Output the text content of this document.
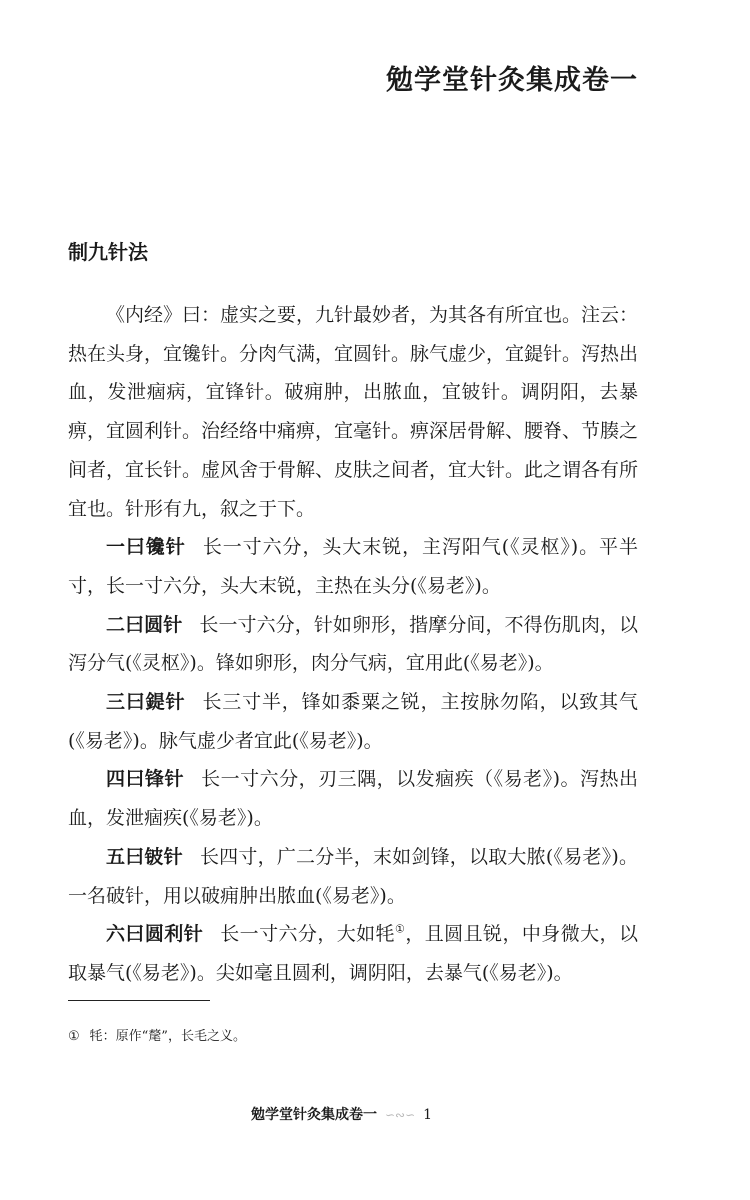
勉学堂针灸集成卷一
制九针法

《内经》曰：虚实之要，九针最妙者，为其各有所宜也。注云：热在头身，宜镵针。分肉气满，宜圆针。脉气虚少，宜鍉针。泻热出血，发泄痼病，宜锋针。破痈肿，出脓血，宜铍针。调阴阳，去暴痹，宜圆利针。治经络中痛痹，宜毫针。痹深居骨解、腰脊、节腠之间者，宜长针。虚风舍于骨解、皮肤之间者，宜大针。此之谓各有所宜也。针形有九，叙之于下。

一曰镵针 长一寸六分，头大末锐，主泻阳气(《灵枢》)。平半寸，长一寸六分，头大末锐，主热在头分(《易老》)。

二曰圆针 长一寸六分，针如卵形，揩摩分间，不得伤肌肉，以泻分气(《灵枢》)。锋如卵形，肉分气病，宜用此(《易老》)。

三曰鍉针 长三寸半，锋如黍粟之锐，主按脉勿陷，以致其气(《易老》)。脉气虚少者宜此(《易老》)。

四曰锋针 长一寸六分，刃三隅，以发痼疾（《易老》)。泻热出血，发泄痼疾(《易老》)。

五曰铍针 长四寸，广二分半，末如剑锋，以取大脓(《易老》)。一名破针，用以破痈肿出脓血(《易老》)。

六曰圆利针 长一寸六分，大如牦①，且圆且锐，中身微大，以取暴气(《易老》)。尖如毫且圆利，调阴阳，去暴气(《易老》)。

① 牦：原作“氂”，长毛之义。

勉学堂针灸集成卷一 ∽∾∽ 1
